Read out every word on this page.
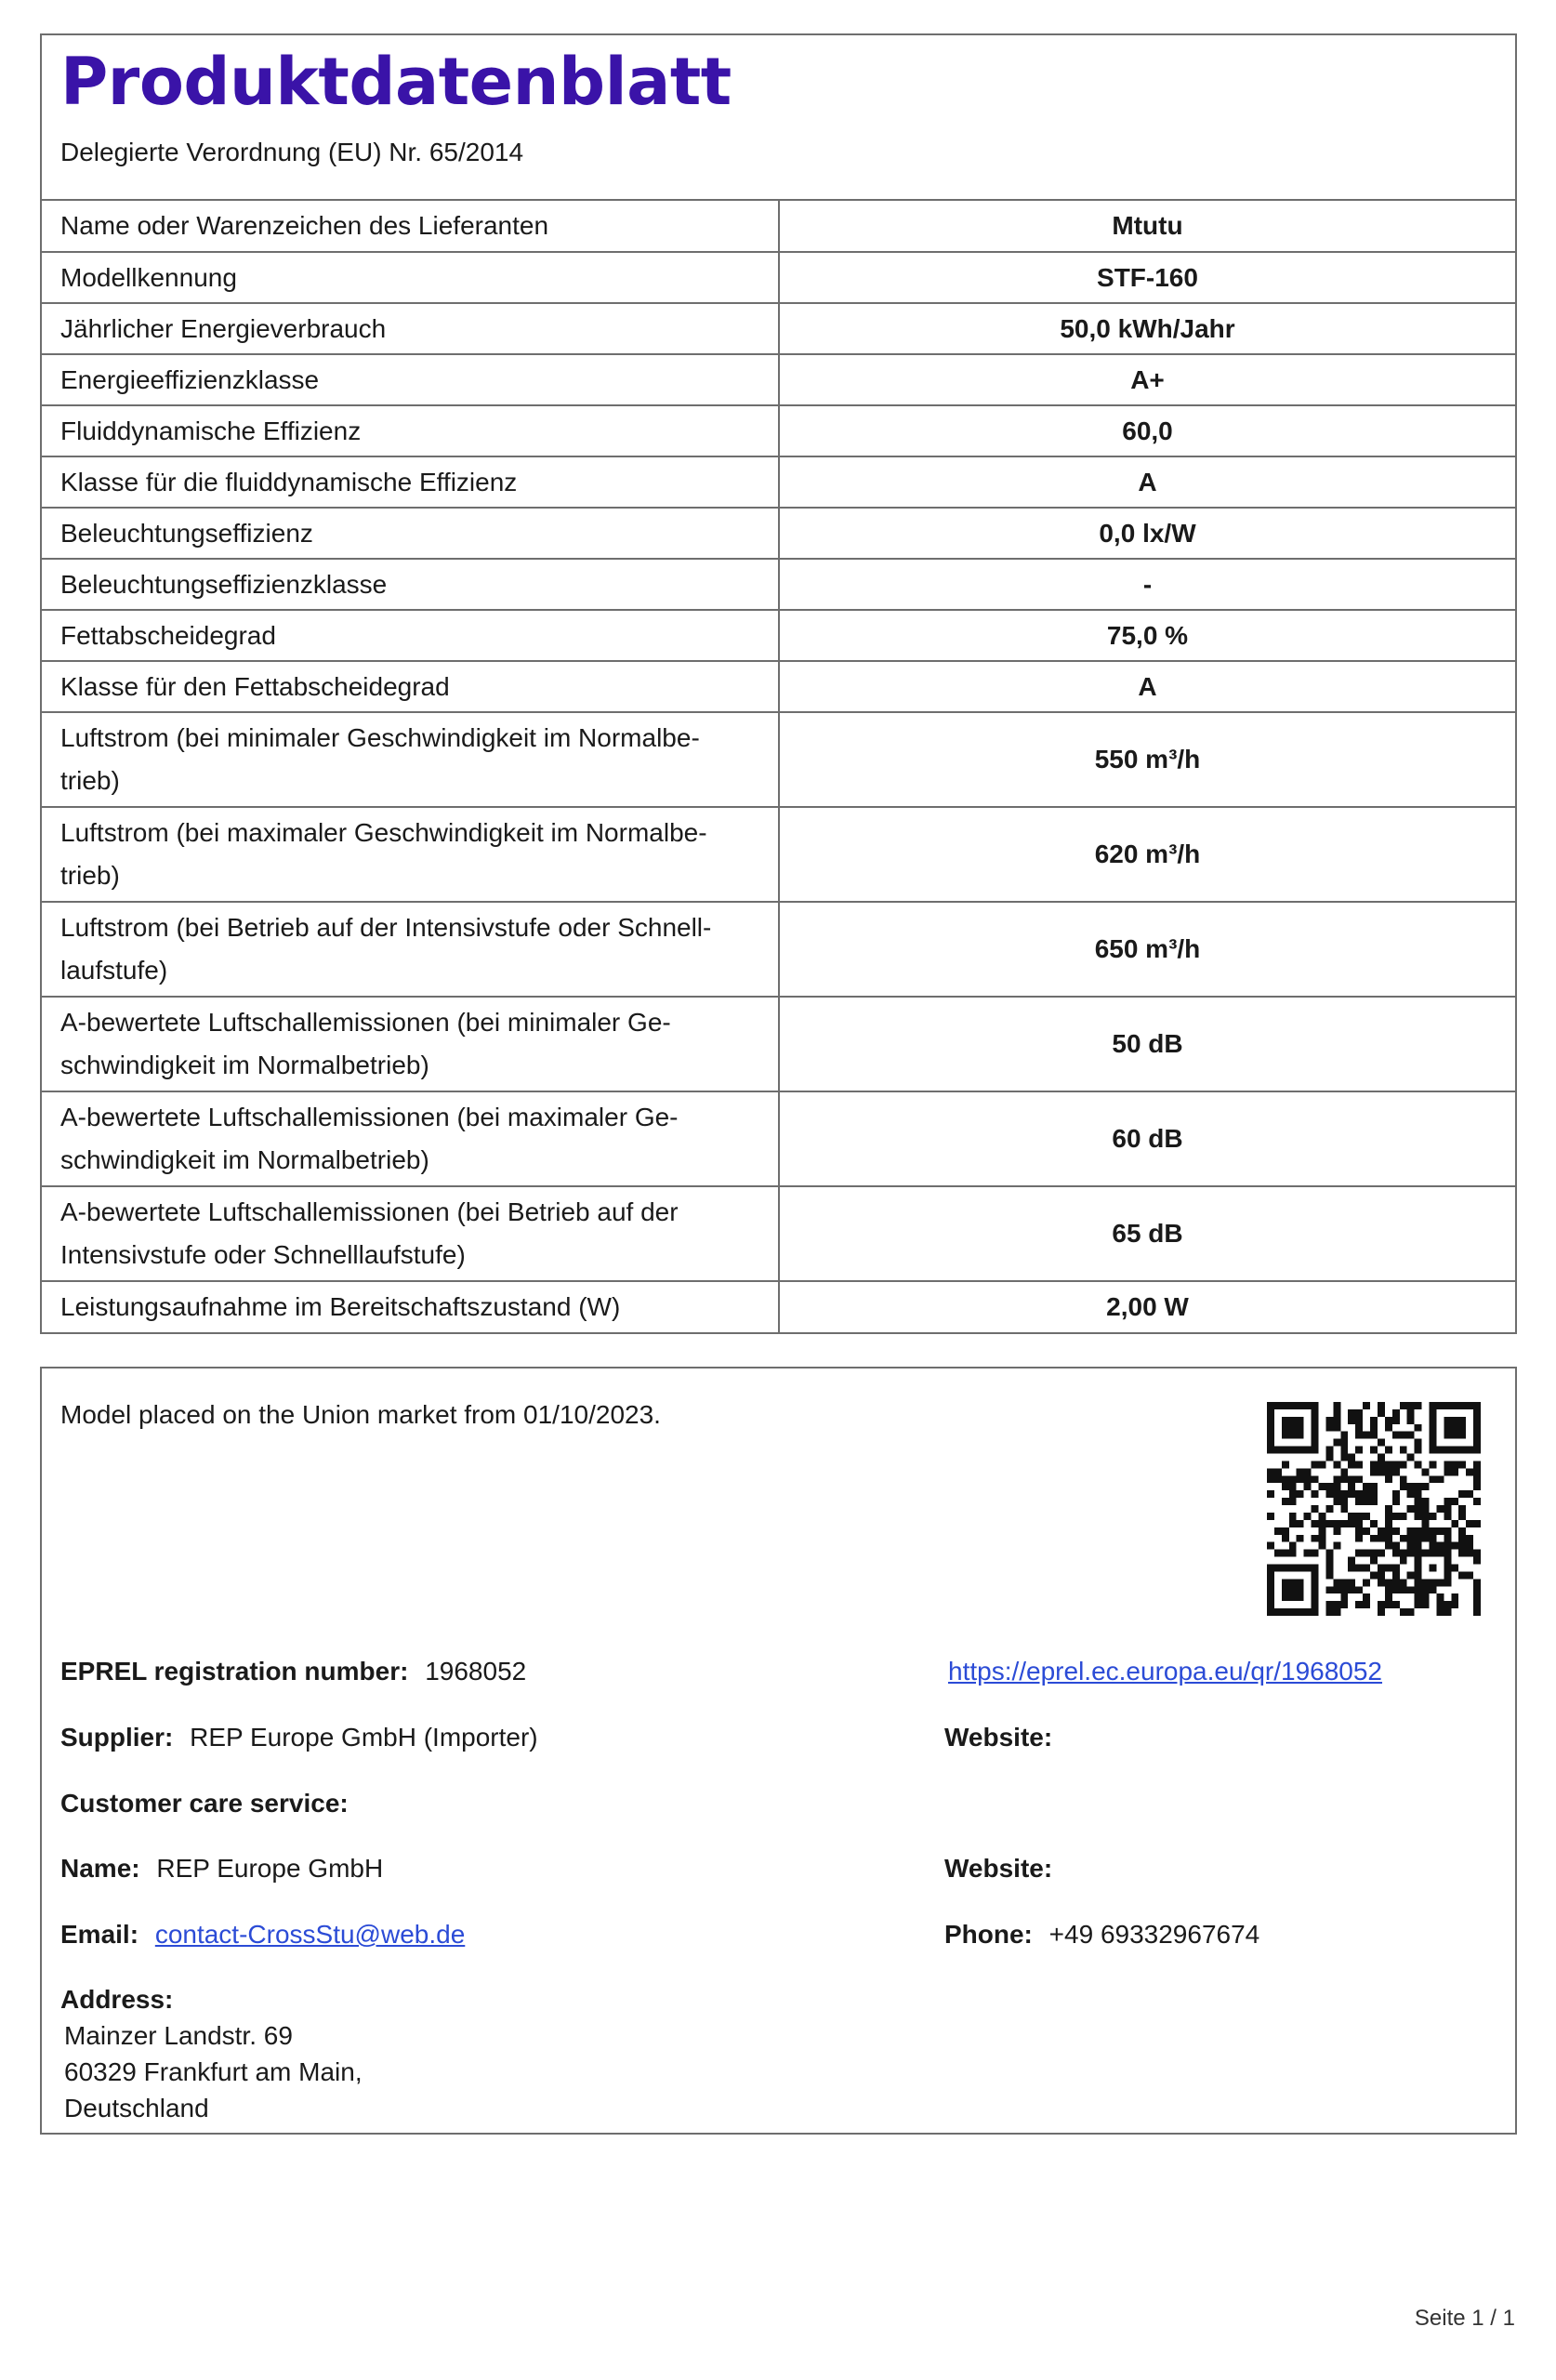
Produktdatenblatt
Delegierte Verordnung (EU) Nr. 65/2014
Name oder Warenzeichen des Lieferanten	Mtutu

Modellkennung	STF-160

Jährlicher Energieverbrauch	50,0 kWh/Jahr

Energieeffizienzklasse	A+

Fluiddynamische Effizienz	60,0

Klasse für die fluiddynamische Effizienz	A

Beleuchtungseffizienz	0,0 lx/W

Beleuchtungseffizienzklasse	-

Fettabscheidegrad	75,0 %

Klasse für den Fettabscheidegrad	A

Luftstrom (bei minimaler Geschwindigkeit im Normalbe-
trieb)	550 m³/h

Luftstrom (bei maximaler Geschwindigkeit im Normalbe-
trieb)	620 m³/h

Luftstrom (bei Betrieb auf der Intensivstufe oder Schnell-
laufstufe)	650 m³/h

A-bewertete Luftschallemissionen (bei minimaler Ge-
schwindigkeit im Normalbetrieb)	50 dB

A-bewertete Luftschallemissionen (bei maximaler Ge-
schwindigkeit im Normalbetrieb)	60 dB

A-bewertete Luftschallemissionen (bei Betrieb auf der
Intensivstufe oder Schnelllaufstufe)	65 dB

Leistungsaufnahme im Bereitschaftszustand (W)	2,00 W
Model placed on the Union market from 01/10/2023.
EPREL registration number: 1968052	https://eprel.ec.europa.eu/qr/1968052
Supplier: REP Europe GmbH (Importer)	Website:
Customer care service:
Name: REP Europe GmbH	Website:
Email: contact-CrossStu@web.de	Phone: +49 69332967674
Address:
Mainzer Landstr. 69
60329 Frankfurt am Main,
Deutschland
Seite 1 / 1
